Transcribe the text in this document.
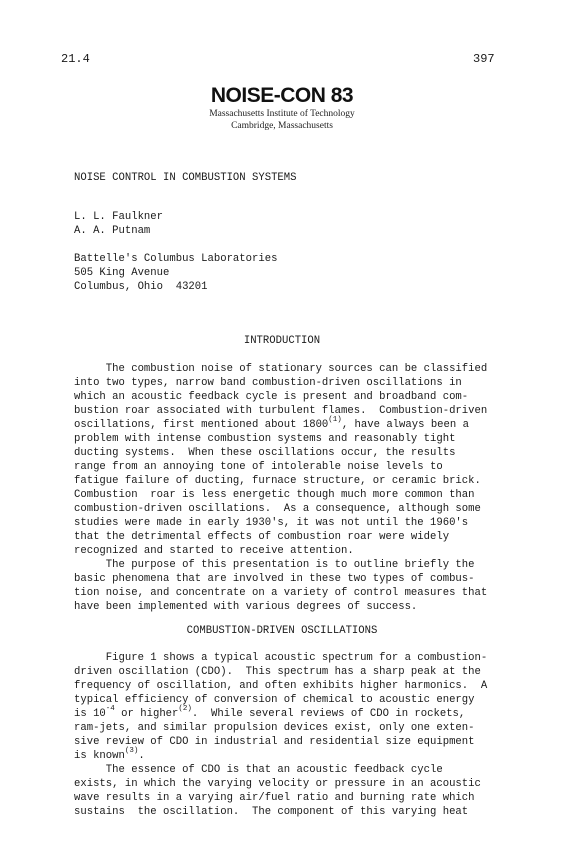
21.4	397
NOISE-CON 83
Massachusetts Institute of Technology
Cambridge, Massachusetts
NOISE CONTROL IN COMBUSTION SYSTEMS
L. L. Faulkner
A. A. Putnam
Battelle's Columbus Laboratories
505 King Avenue
Columbus, Ohio  43201
INTRODUCTION
The combustion noise of stationary sources can be classified
into two types, narrow band combustion-driven oscillations in
which an acoustic feedback cycle is present and broadband com-
bustion roar associated with turbulent flames.  Combustion-driven
oscillations, first mentioned about 1800$^{(1)}$, have always been a
problem with intense combustion systems and reasonably tight
ducting systems.  When these oscillations occur, the results
range from an annoying tone of intolerable noise levels to
fatigue failure of ducting, furnace structure, or ceramic brick.
Combustion  roar is less energetic though much more common than
combustion-driven oscillations.  As a consequence, although some
studies were made in early 1930's, it was not until the 1960's
that the detrimental effects of combustion roar were widely
recognized and started to receive attention.
The purpose of this presentation is to outline briefly the
basic phenomena that are involved in these two types of combus-
tion noise, and concentrate on a variety of control measures that
have been implemented with various degrees of success.
COMBUSTION-DRIVEN OSCILLATIONS
Figure 1 shows a typical acoustic spectrum for a combustion-
driven oscillation (CDO).  This spectrum has a sharp peak at the
frequency of oscillation, and often exhibits higher harmonics.  A
typical efficiency of conversion of chemical to acoustic energy
is $10^{-4}$ or higher$^{(2)}$.  While several reviews of CDO in rockets,
ram-jets, and similar propulsion devices exist, only one exten-
sive review of CDO in industrial and residential size equipment
is known$^{(3)}$.
The essence of CDO is that an acoustic feedback cycle
exists, in which the varying velocity or pressure in an acoustic
wave results in a varying air/fuel ratio and burning rate which
sustains  the oscillation.  The component of this varying heat
